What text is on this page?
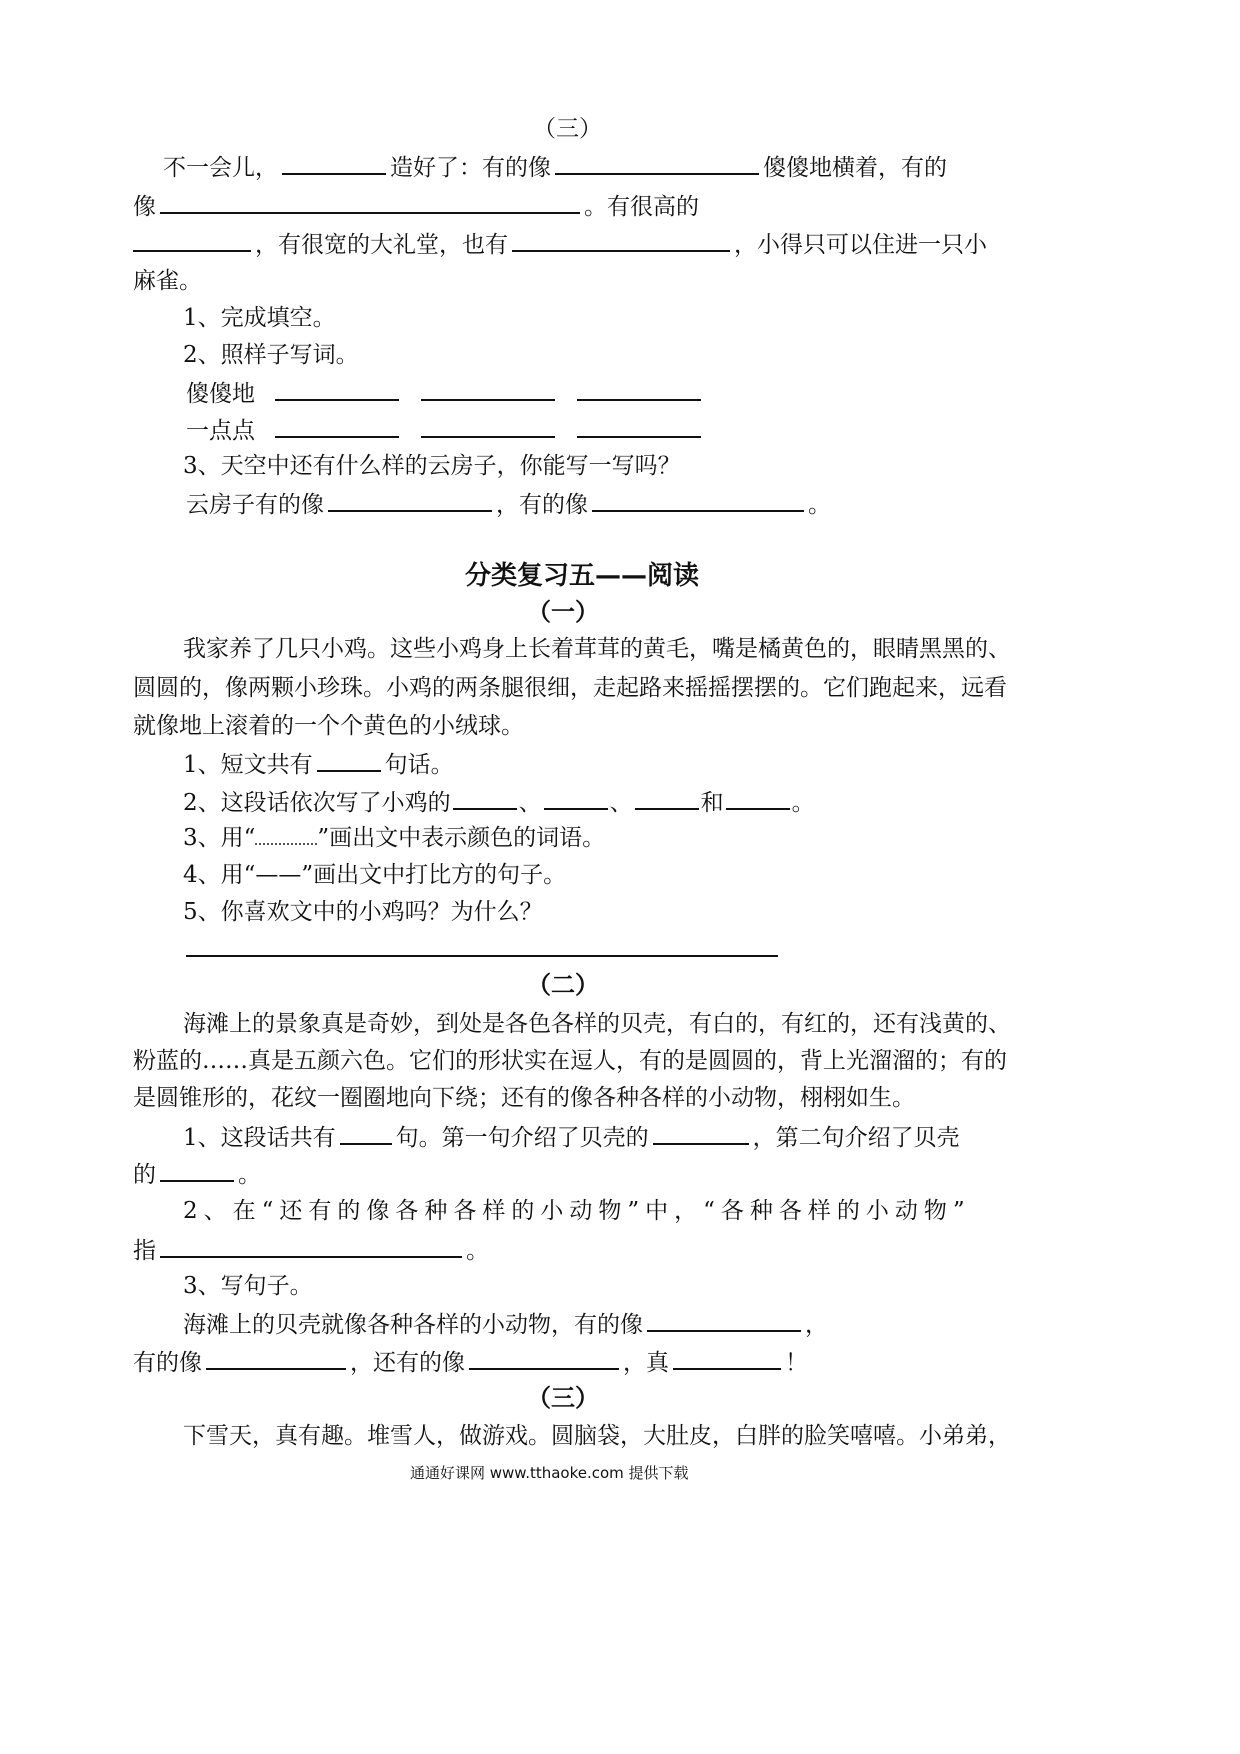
（三）
不一会儿，	造好了：有的像	傻傻地横着，有的
像	。有很高的
，有很宽的大礼堂，也有	，小得只可以住进一只小
麻雀。
1、完成填空。
2、照样子写词。
傻傻地
一点点
3、天空中还有什么样的云房子，你能写一写吗？
云房子有的像	，有的像	。
分类复习五——阅读
（一）
我家养了几只小鸡。这些小鸡身上长着茸茸的黄毛，嘴是橘黄色的，眼睛黑黑的、
圆圆的，像两颗小珍珠。小鸡的两条腿很细，走起路来摇摇摆摆的。它们跑起来，远看
就像地上滚着的一个个黄色的小绒球。
1、短文共有	句话。
2、这段话依次写了小鸡的	、	、	和	。
3、用“	”画出文中表示颜色的词语。
4、用“——”画出文中打比方的句子。
5、你喜欢文中的小鸡吗？为什么？
（二）
海滩上的景象真是奇妙，到处是各色各样的贝壳，有白的，有红的，还有浅黄的、
粉蓝的……真是五颜六色。它们的形状实在逗人，有的是圆圆的，背上光溜溜的；有的
是圆锥形的，花纹一圈圈地向下绕；还有的像各种各样的小动物，栩栩如生。
1、这段话共有	句。第一句介绍了贝壳的	，第二句介绍了贝壳
的	。
2、在“还有的像各种各样的小动物”中，“各种各样的小动物”
指	。
3、写句子。
海滩上的贝壳就像各种各样的小动物，有的像	，
有的像	，还有的像	，真	！
（三）
下雪天，真有趣。堆雪人，做游戏。圆脑袋，大肚皮，白胖的脸笑嘻嘻。小弟弟，
通通好课网 www.tthaoke.com 提供下载
